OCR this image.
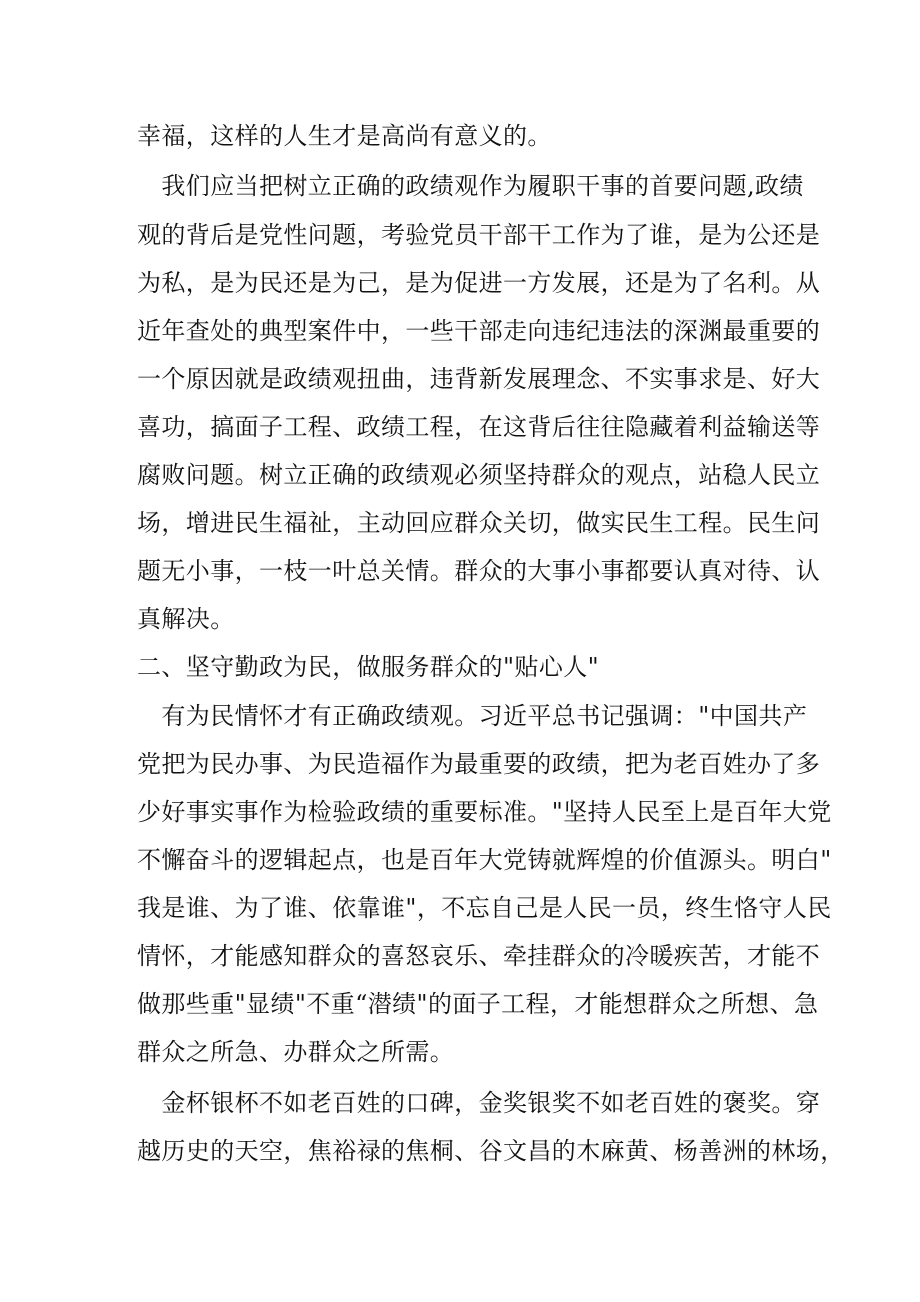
幸福，这样的人生才是高尚有意义的。
　我们应当把树立正确的政绩观作为履职干事的首要问题,政绩
观的背后是党性问题，考验党员干部干工作为了谁，是为公还是
为私，是为民还是为己，是为促进一方发展，还是为了名利。从
近年查处的典型案件中，一些干部走向违纪违法的深渊最重要的
一个原因就是政绩观扭曲，违背新发展理念、不实事求是、好大
喜功，搞面子工程、政绩工程，在这背后往往隐藏着利益输送等
腐败问题。树立正确的政绩观必须坚持群众的观点，站稳人民立
场，增进民生福祉，主动回应群众关切，做实民生工程。民生问
题无小事，一枝一叶总关情。群众的大事小事都要认真对待、认
真解决。
二、坚守勤政为民，做服务群众的"贴心人"
　有为民情怀才有正确政绩观。习近平总书记强调："中国共产
党把为民办事、为民造福作为最重要的政绩，把为老百姓办了多
少好事实事作为检验政绩的重要标准。"坚持人民至上是百年大党
不懈奋斗的逻辑起点，也是百年大党铸就辉煌的价值源头。明白"
我是谁、为了谁、依靠谁"，不忘自己是人民一员，终生恪守人民
情怀，才能感知群众的喜怒哀乐、牵挂群众的冷暖疾苦，才能不
做那些重"显绩"不重“潜绩"的面子工程，才能想群众之所想、急
群众之所急、办群众之所需。
　金杯银杯不如老百姓的口碑，金奖银奖不如老百姓的褒奖。穿
越历史的天空，焦裕禄的焦桐、谷文昌的木麻黄、杨善洲的林场，
